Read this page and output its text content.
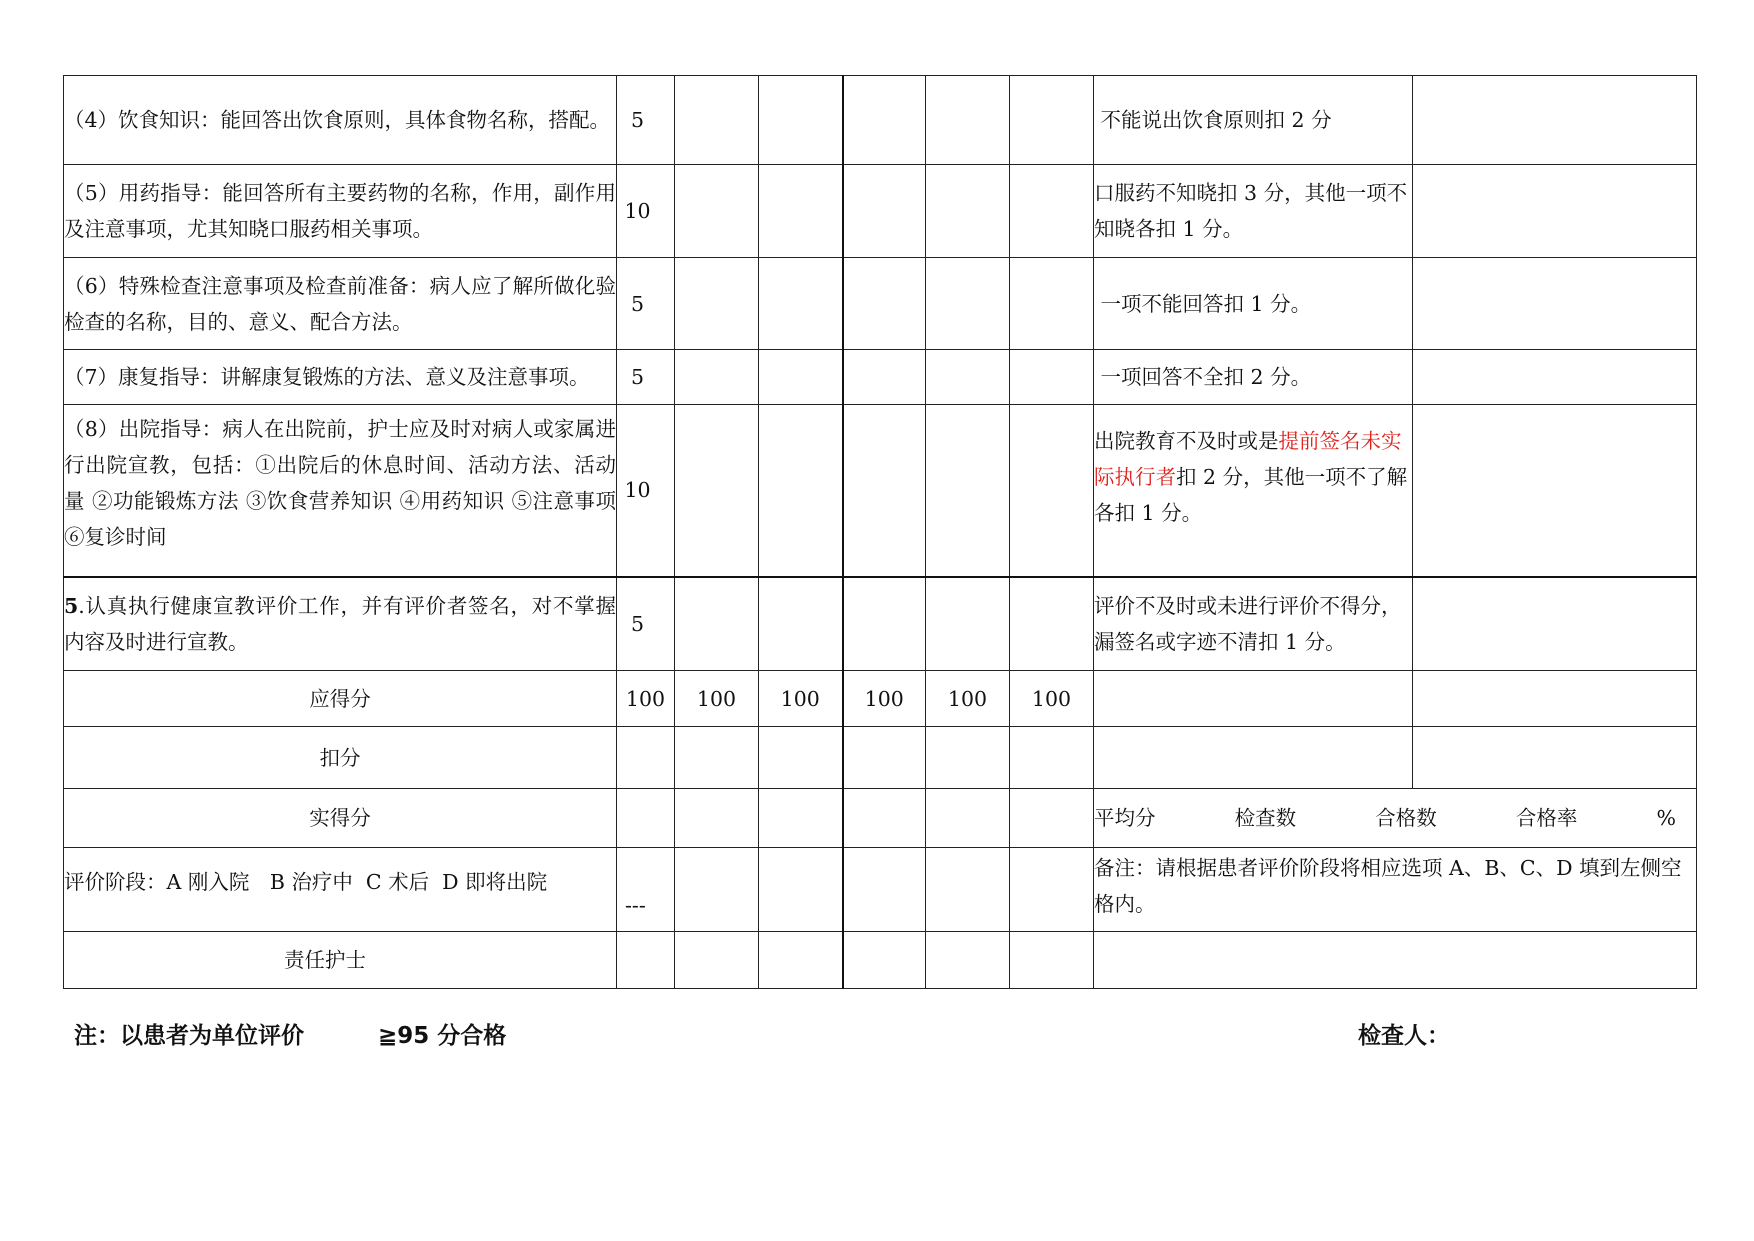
（4）饮食知识：能回答出饮食原则，具体食物名称，搭配。	5						不能说出饮食原则扣 2 分	
（5）用药指导：能回答所有主要药物的名称，作用，副作用及注意事项，尤其知晓口服药相关事项。	10						口服药不知晓扣 3 分，其他一项不知晓各扣 1 分。	
（6）特殊检查注意事项及检查前准备：病人应了解所做化验检查的名称，目的、意义、配合方法。	5						一项不能回答扣 1 分。	
（7）康复指导：讲解康复锻炼的方法、意义及注意事项。	5						一项回答不全扣 2 分。	
（8）出院指导：病人在出院前，护士应及时对病人或家属进行出院宣教，包括：①出院后的休息时间、活动方法、活动量 ②功能锻炼方法 ③饮食营养知识 ④用药知识 ⑤注意事项 ⑥复诊时间	10						出院教育不及时或是提前签名未实际执行者扣 2 分，其他一项不了解各扣 1 分。	
5.认真执行健康宣教评价工作，并有评价者签名，对不掌握内容及时进行宣教。	5						评价不及时或未进行评价不得分，漏签名或字迹不清扣 1 分。	
应得分	100	100	100	100	100	100		
扣分								
实得分							平均分 检查数 合格数 合格率 %	

评价阶段：A 刚入院　B 治疗中  C 术后  D 即将出院	---						备注：请根据患者评价阶段将相应选项 A、B、C、D 填到左侧空格内。	
责任护士								
注：以患者为单位评价	≧95 分合格	检查人：
